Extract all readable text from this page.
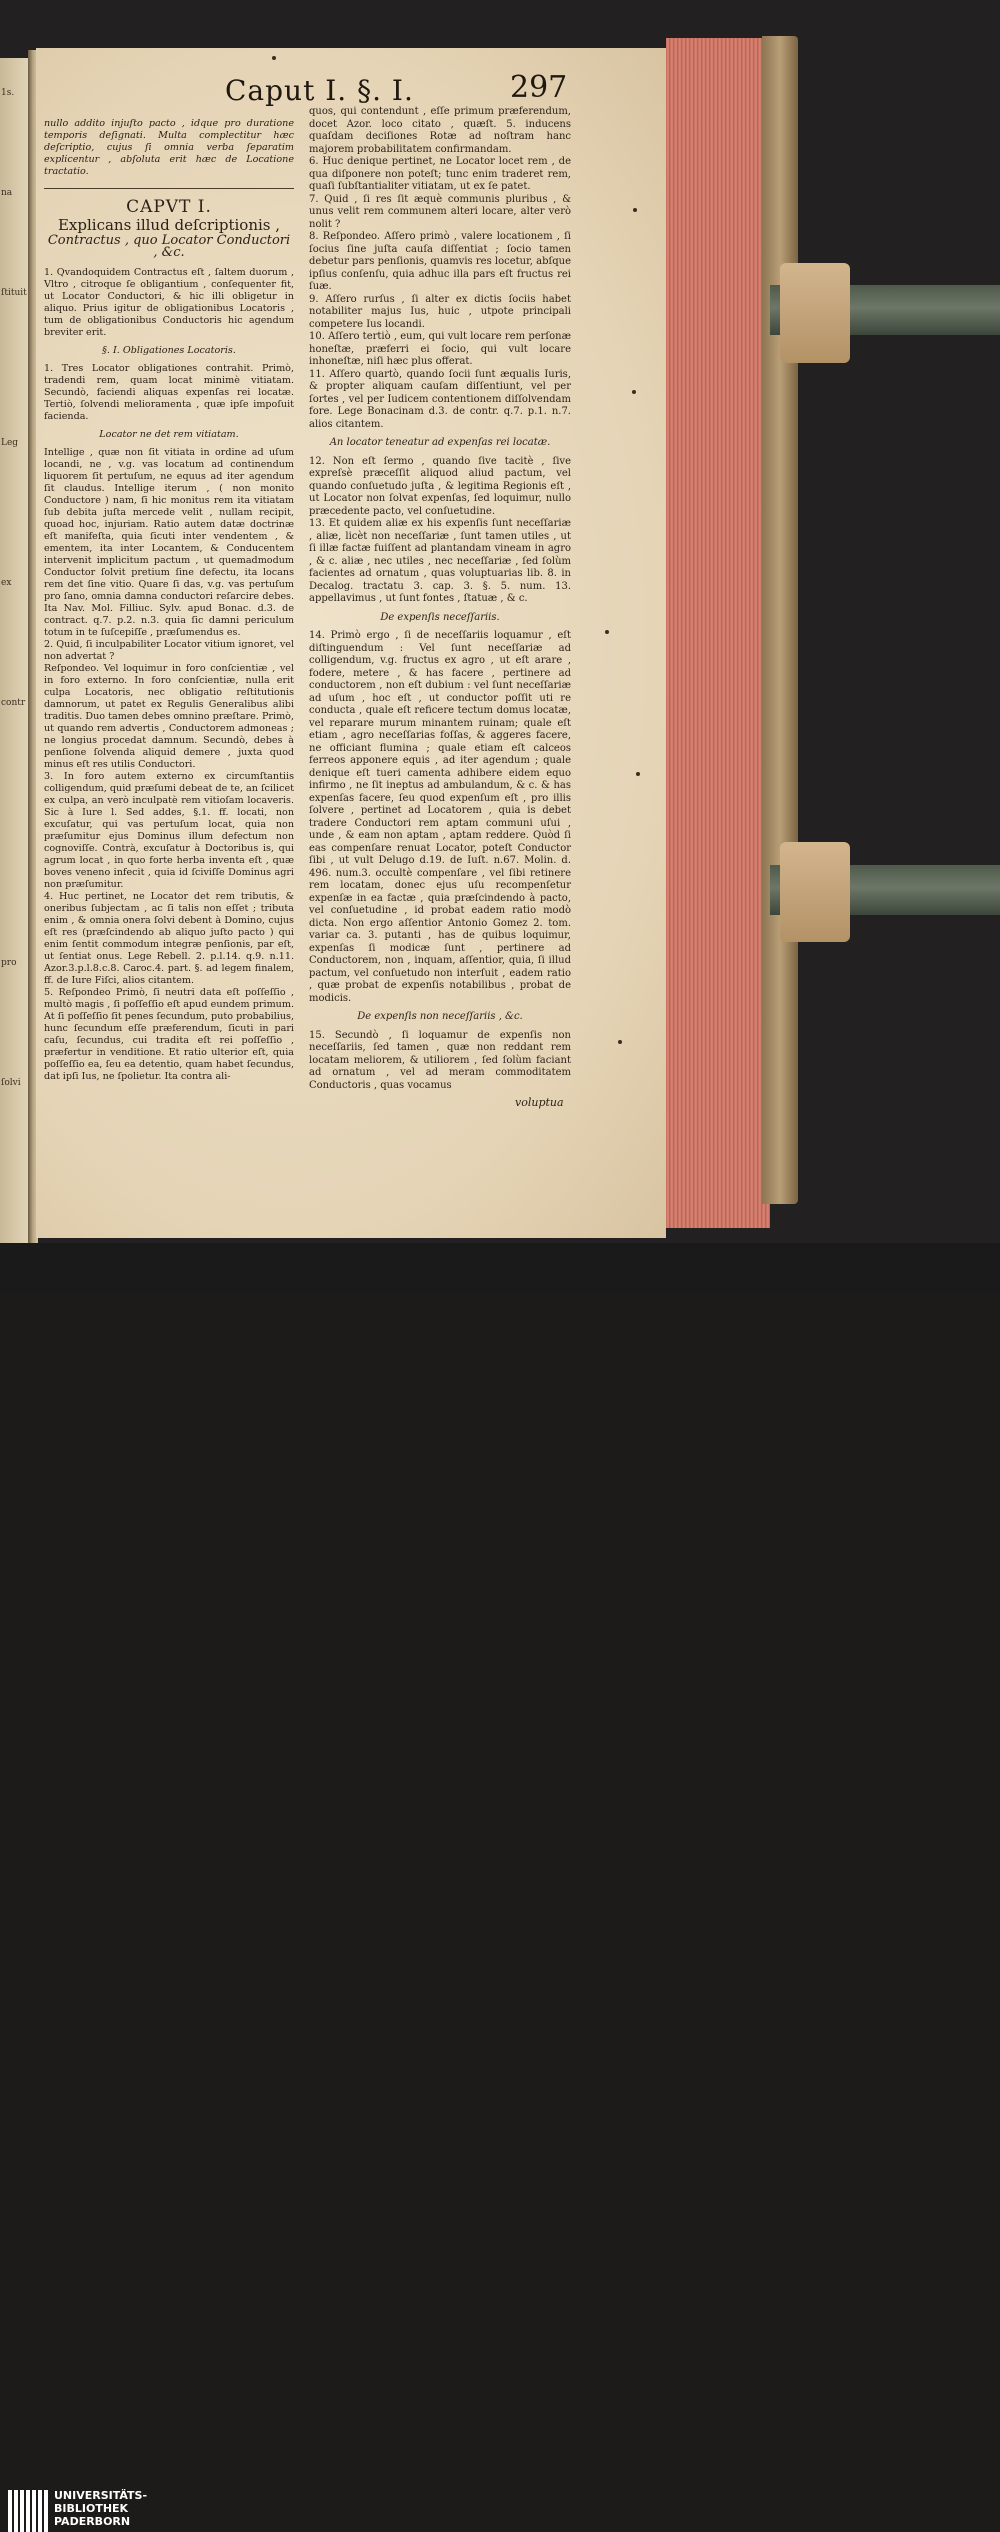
1s.
na
ſtituit
Leg
ex
contr
pro
ſolvi
Caput I. §. I.	297

nullo addito injuſto pacto , idque pro duratione temporis deſignati. Multa complectitur hæc deſcriptio, cujus ſi omnia verba ſeparatim explicentur , abſoluta erit hæc de Locatione tractatio.

CAPVT I.
Explicans illud deſcriptionis ,
Contractus , quo Locator Conductori , &c.

1. Qvandoquidem Contractus eſt , ſaltem duorum , Vltro , citroque ſe obligantium , conſequenter fit, ut Locator Conductori, & hic illi obligetur in aliquo. Prius igitur de obligationibus Locatoris , tum de obligationibus Conductoris hic agendum breviter erit.

§. I. Obligationes Locatoris.

1. Tres Locator obligationes contrahit. Primò, tradendi rem, quam locat minimè vitiatam. Secundò, faciendi aliquas expenſas rei locatæ. Tertiò, ſolvendi melioramenta , quæ ipſe impoſuit facienda.

Locator ne det rem vitiatam.

Intellige , quæ non ſit vitiata in ordine ad uſum locandi, ne , v.g. vas locatum ad continendum liquorem ſit pertuſum, ne equus ad iter agendum ſit claudus. Intellige iterum , ( non monito Conductore ) nam, ſi hic monitus rem ita vitiatam ſub debita juſta mercede velit , nullam recipit, quoad hoc, injuriam. Ratio autem datæ doctrinæ eſt manifeſta, quia ſicuti inter vendentem , & ementem, ita inter Locantem, & Conducentem intervenit implicitum pactum , ut quemadmodum Conductor ſolvit pretium ſine defectu, ita locans rem det ſine vitio. Quare ſi das, v.g. vas pertuſum pro ſano, omnia damna conductori reſarcire debes. Ita Nav. Mol. Filliuc. Sylv. apud Bonac. d.3. de contract. q.7. p.2. n.3. quia ſic damni periculum totum in te ſuſcepiſſe , præſumendus es.

2. Quid, ſi inculpabiliter Locator vitium ignoret, vel non advertat ?

Reſpondeo. Vel loquimur in foro conſcientiæ , vel in foro externo. In foro conſcientiæ, nulla erit culpa Locatoris, nec obligatio reſtitutionis damnorum, ut patet ex Regulis Generalibus alibi traditis. Duo tamen debes omnino præſtare. Primò, ut quando rem advertis , Conductorem admoneas ; ne longius procedat damnum. Secundò, debes à penſione ſolvenda aliquid demere , juxta quod minus eſt res utilis Conductori.

3. In foro autem externo ex circumſtantiis colligendum, quid præſumi debeat de te, an ſcilicet ex culpa, an verò inculpatè rem vitioſam locaveris. Sic à Iure l. Sed addes, §.1. ff. locati, non excuſatur, qui vas pertuſum locat, quia non præſumitur ejus Dominus illum defectum non cognoviſſe. Contrà, excuſatur à Doctoribus is, qui agrum locat , in quo forte herba inventa eſt , quæ boves veneno infecit , quia id ſciviſſe Dominus agri non præſumitur.

4. Huc pertinet, ne Locator det rem tributis, & oneribus ſubjectam , ac ſi talis non eſſet ; tributa enim , & omnia onera ſolvi debent à Domino, cujus eſt res (præſcindendo ab aliquo juſto pacto ) qui enim ſentit commodum integræ penſionis, par eſt, ut ſentiat onus. Lege Rebell. 2. p.l.14. q.9. n.11. Azor.3.p.l.8.c.8. Caroc.4. part. §. ad legem finalem, ff. de Iure Fiſci, alios citantem.

5. Reſpondeo Primò, ſi neutri data eſt poſſeſſio , multò magis , ſi poſſeſſio eſt apud eundem primum. At ſi poſſeſſio ſit penes ſecundum, puto probabilius, hunc ſecundum eſſe præferendum, ſicuti in pari caſu, ſecundus, cui tradita eſt rei poſſeſſio , præfertur in venditione. Et ratio ulterior eſt, quia poſſeſſio ea, ſeu ea detentio, quam habet ſecundus, dat ipſi Ius, ne ſpolietur. Ita contra ali-

quos, qui contendunt , eſſe primum præferendum, docet Azor. loco citato , quæſt. 5. inducens quaſdam deciſiones Rotæ ad noſtram hanc majorem probabilitatem confirmandam.

6. Huc denique pertinet, ne Locator locet rem , de qua diſponere non poteſt; tunc enim traderet rem, quaſi ſubſtantialiter vitiatam, ut ex ſe patet.

7. Quid , ſi res ſit æquè communis pluribus , & unus velit rem communem alteri locare, alter verò nolit ?

8. Reſpondeo. Aſſero primò , valere locationem , ſi ſocius ſine juſta cauſa diſſentiat ; ſocio tamen debetur pars penſionis, quamvis res locetur, abſque ipſius conſenſu, quia adhuc illa pars eſt fructus rei ſuæ.

9. Aſſero rurſus , ſi alter ex dictis ſociis habet notabiliter majus Ius, huic , utpote principali competere Ius locandi.

10. Aſſero tertiò , eum, qui vult locare rem perſonæ honeſtæ, præferri ei ſocio, qui vult locare inhoneſtæ, niſi hæc plus offerat.

11. Aſſero quartò, quando ſocii ſunt æqualis Iuris, & propter aliquam cauſam diſſentiunt, vel per ſortes , vel per Iudicem contentionem diſſolvendam fore. Lege Bonacinam d.3. de contr. q.7. p.1. n.7. alios citantem.

An locator teneatur ad expenſas rei locatæ.

12. Non eſt ſermo , quando ſive tacitè , ſive expreſsè præceſſit aliquod aliud pactum, vel quando conſuetudo juſta , & legitima Regionis eſt , ut Locator non ſolvat expenſas, ſed loquimur, nullo præcedente pacto, vel conſuetudine.

13. Et quidem aliæ ex his expenſis ſunt neceſſariæ , aliæ, licèt non neceſſariæ , ſunt tamen utiles , ut ſi illæ factæ fuiſſent ad plantandam vineam in agro , & c. aliæ , nec utiles , nec neceſſariæ , ſed ſolùm facientes ad ornatum , quas voluptuarias lib. 8. in Decalog. tractatu 3. cap. 3. §. 5. num. 13. appellavimus , ut ſunt fontes , ſtatuæ , & c.

De expenſis neceſſariis.

14. Primò ergo , ſi de neceſſariis loquamur , eſt diſtinguendum : Vel ſunt neceſſariæ ad colligendum, v.g. fructus ex agro , ut eſt arare , fodere, metere , & has facere , pertinere ad conductorem , non eſt dubium : vel ſunt neceſſariæ ad uſum , hoc eſt , ut conductor poſſit uti re conducta , quale eſt reficere tectum domus locatæ, vel reparare murum minantem ruinam; quale eſt etiam , agro neceſſarias foſſas, & aggeres facere, ne officiant flumina ; quale etiam eſt calceos ferreos apponere equis , ad iter agendum ; quale denique eſt tueri camenta adhibere eidem equo infirmo , ne ſit ineptus ad ambulandum, & c. & has expenſas facere, ſeu quod expenſum eſt , pro illis ſolvere , pertinet ad Locatorem , quia is debet tradere Conductori rem aptam communi uſui , unde , & eam non aptam , aptam reddere. Quòd ſi eas compenſare renuat Locator, poteſt Conductor ſibi , ut vult Delugo d.19. de Iuſt. n.67. Molin. d. 496. num.3. occultè compenſare , vel ſibi retinere rem locatam, donec ejus uſu recompenſetur expenſæ in ea factæ , quia præſcindendo à pacto, vel conſuetudine , id probat eadem ratio modò dicta. Non ergo aſſentior Antonio Gomez 2. tom. variar ca. 3. putanti , has de quibus loquimur, expenſas ſi modicæ ſunt , pertinere ad Conductorem, non , inquam, aſſentior, quia, ſi illud pactum, vel conſuetudo non interſuit , eadem ratio , quæ probat de expenſis notabilibus , probat de modicis.

De expenſis non neceſſariis , &c.

15. Secundò , ſi loquamur de expenſis non neceſſariis, ſed tamen , quæ non reddant rem locatam meliorem, & utiliorem , ſed ſolùm faciant ad ornatum , vel ad meram commoditatem Conductoris , quas vocamus

voluptua
UNIVERSITÄTS-
BIBLIOTHEK
PADERBORN
